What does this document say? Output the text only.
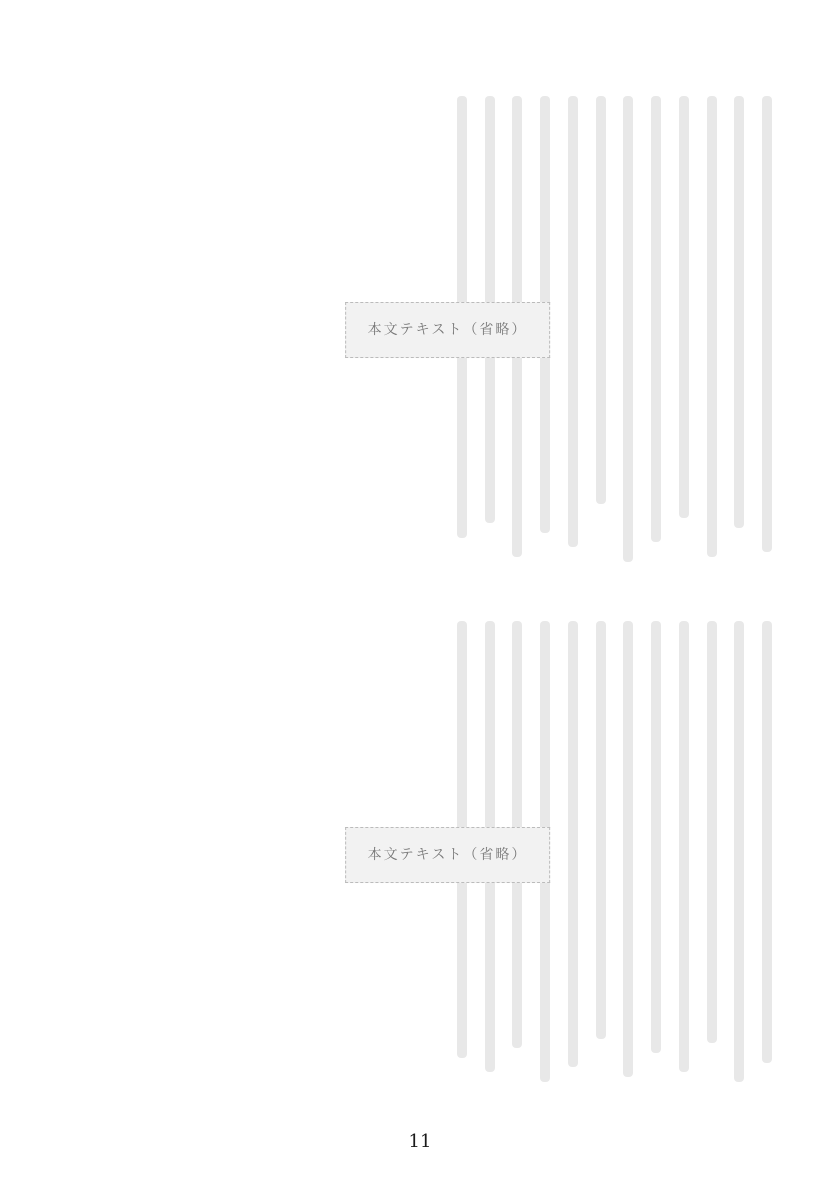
本文テキスト（省略）

本文テキスト（省略）
11
